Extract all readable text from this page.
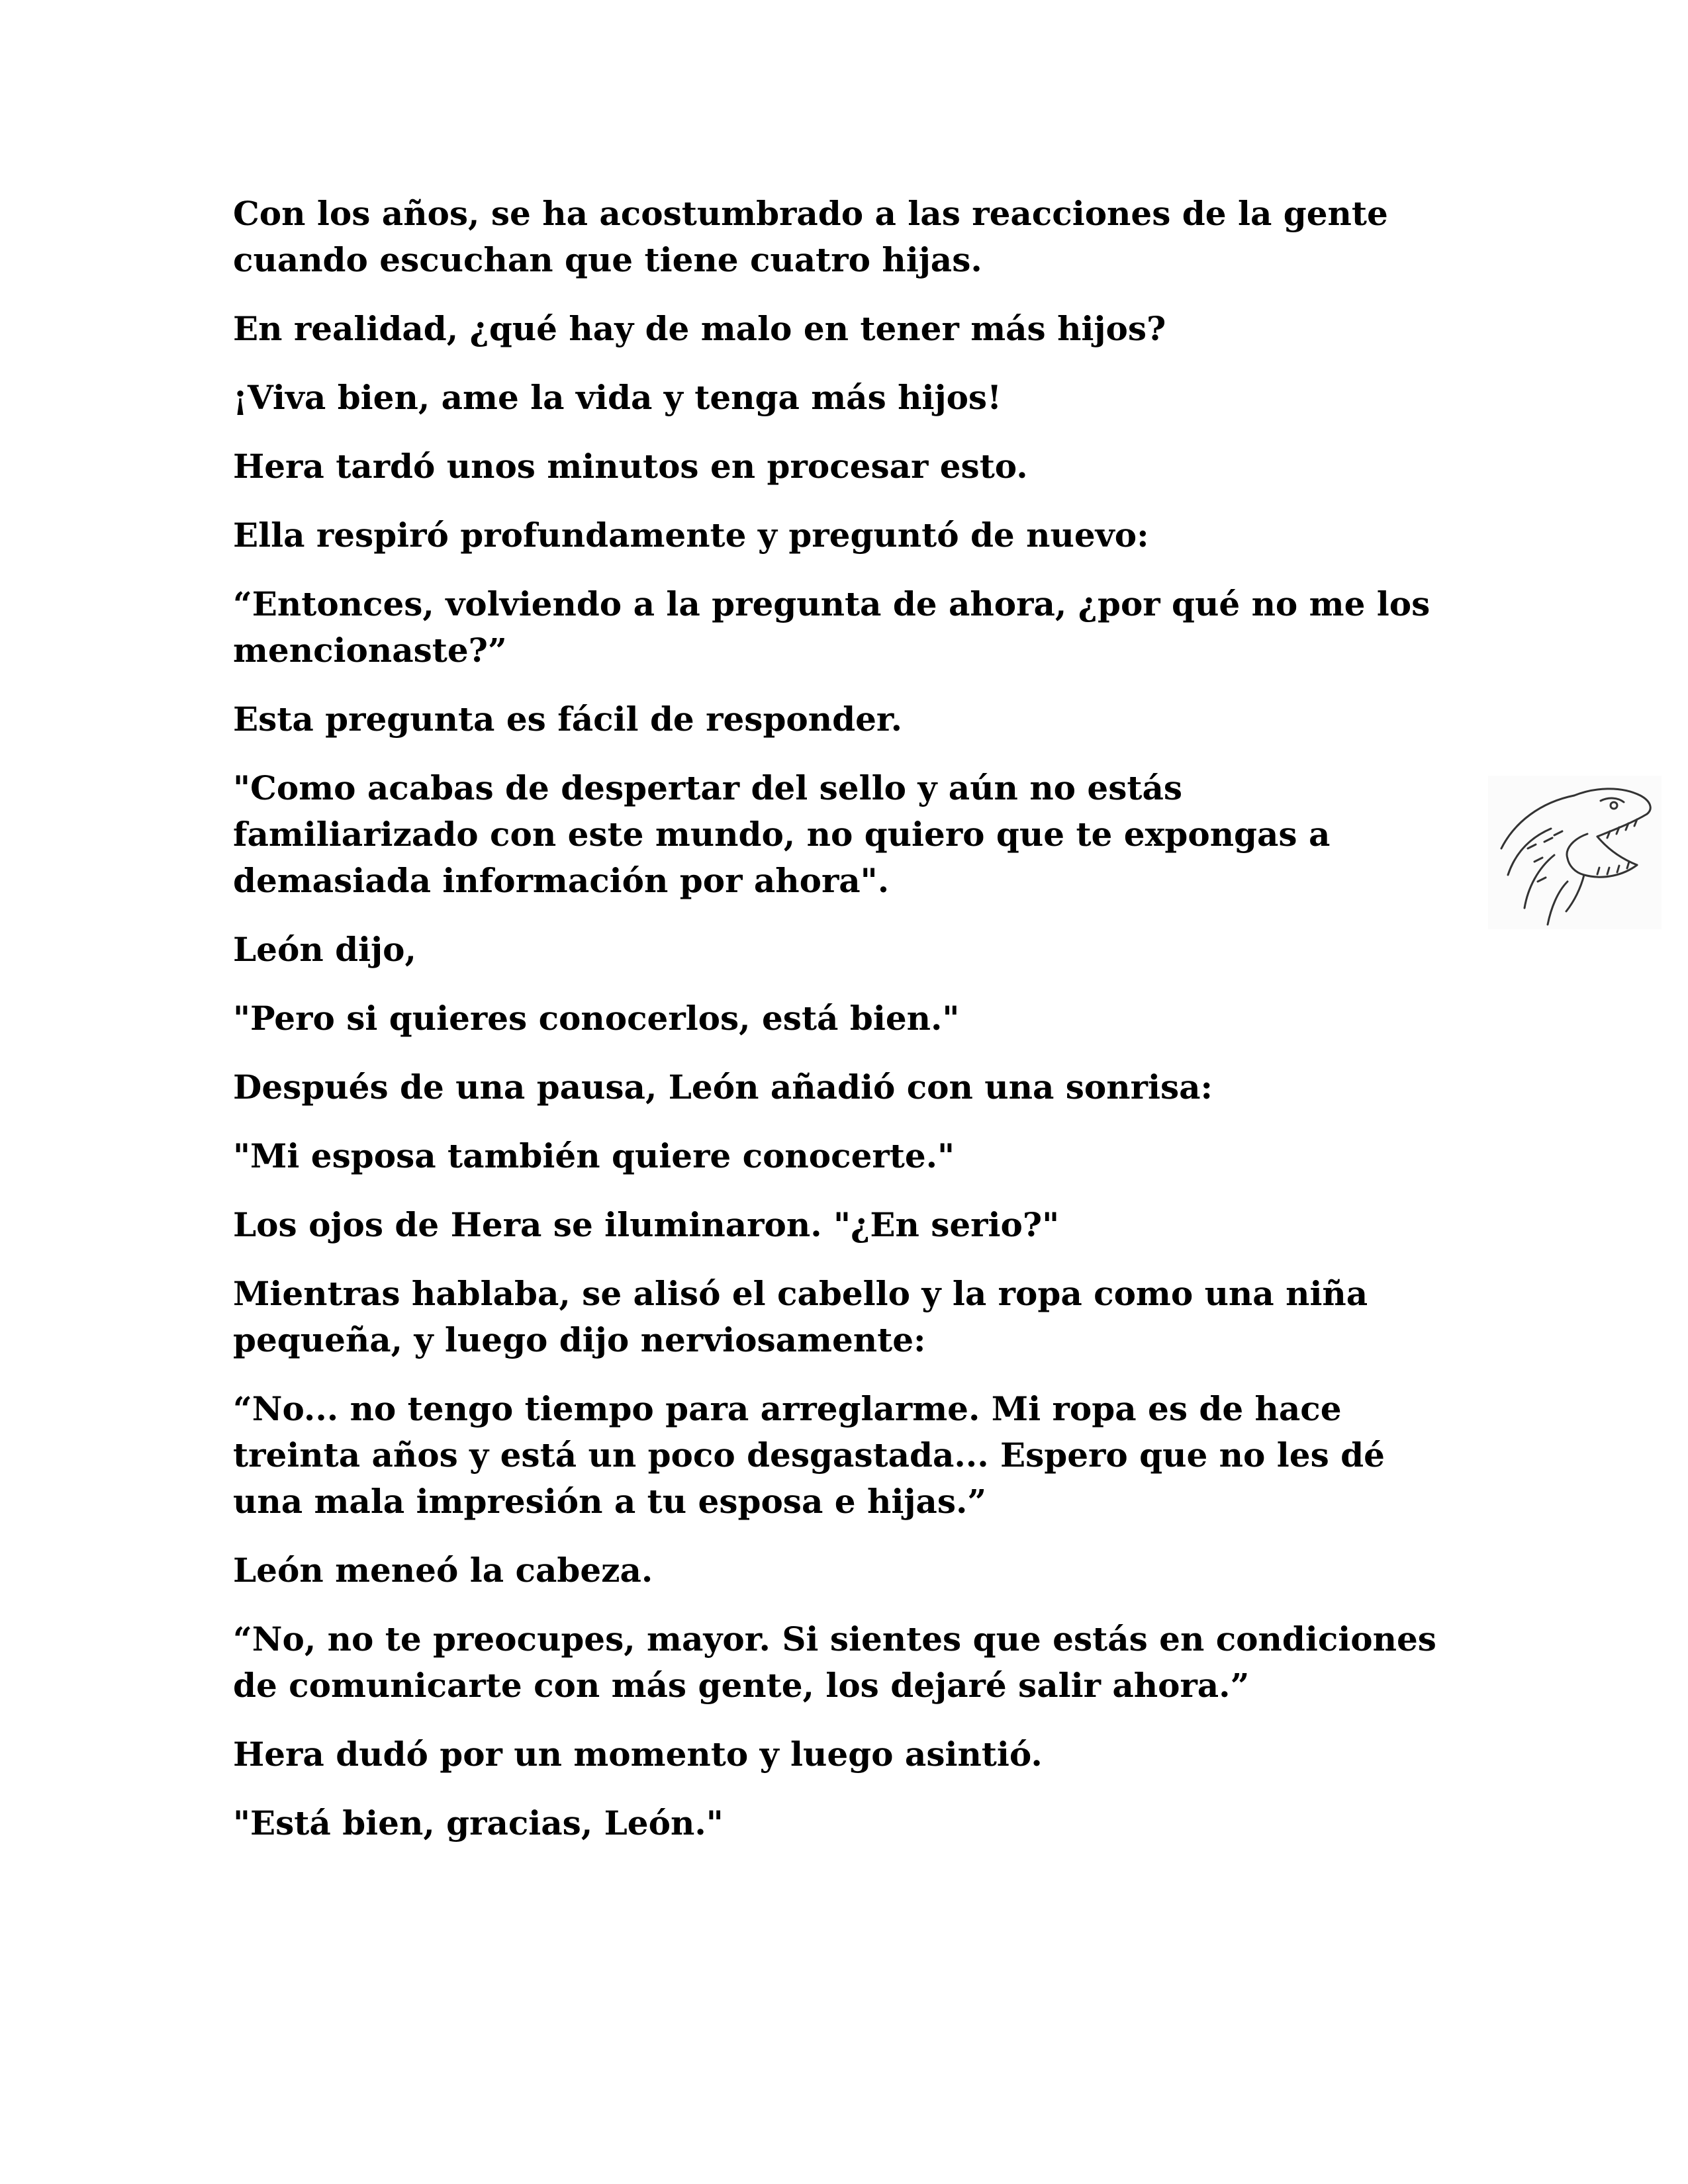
Con los años, se ha acostumbrado a las reacciones de la gente cuando escuchan que tiene cuatro hijas.

En realidad, ¿qué hay de malo en tener más hijos?

¡Viva bien, ame la vida y tenga más hijos!

Hera tardó unos minutos en procesar esto.

Ella respiró profundamente y preguntó de nuevo:

“Entonces, volviendo a la pregunta de ahora, ¿por qué no me los mencionaste?”

Esta pregunta es fácil de responder.

"Como acabas de despertar del sello y aún no estás familiarizado con este mundo, no quiero que te expongas a demasiada información por ahora".

León dijo,

"Pero si quieres conocerlos, está bien."

Después de una pausa, León añadió con una sonrisa:

"Mi esposa también quiere conocerte."

Los ojos de Hera se iluminaron. "¿En serio?"

Mientras hablaba, se alisó el cabello y la ropa como una niña pequeña, y luego dijo nerviosamente:

“No... no tengo tiempo para arreglarme. Mi ropa es de hace treinta años y está un poco desgastada... Espero que no les dé una mala impresión a tu esposa e hijas.”

León meneó la cabeza.

“No, no te preocupes, mayor. Si sientes que estás en condiciones de comunicarte con más gente, los dejaré salir ahora.”

Hera dudó por un momento y luego asintió.

"Está bien, gracias, León."
